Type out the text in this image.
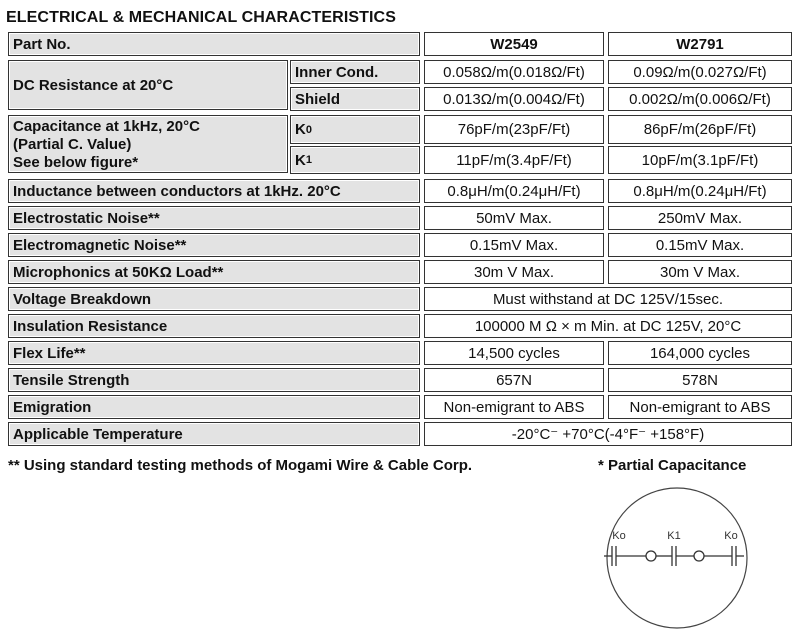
ELECTRICAL & MECHANICAL CHARACTERISTICS
Part No.	W2549	W2791
DC Resistance at 20°C
Inner Cond.	0.058Ω/m(0.018Ω/Ft)	0.09Ω/m(0.027Ω/Ft)
Shield	0.013Ω/m(0.004Ω/Ft)	0.002Ω/m(0.006Ω/Ft)
Capacitance at 1kHz, 20°C
(Partial C. Value)
See below figure*
K 0	76pF/m(23pF/Ft)	86pF/m(26pF/Ft)
K 1	11pF/m(3.4pF/Ft)	10pF/m(3.1pF/Ft)
Inductance between conductors at 1kHz. 20°C	0.8μH/m(0.24μH/Ft)	0.8μH/m(0.24μH/Ft)
Electrostatic Noise**	50mV Max.	250mV Max.
Electromagnetic Noise**	0.15mV Max.	0.15mV Max.
Microphonics at 50KΩ Load**	30m V Max.	30m V Max.
Voltage Breakdown	Must withstand at DC 125V/15sec.
Insulation Resistance	100000 M Ω × m Min. at DC 125V, 20°C
Flex Life**	14,500 cycles	164,000 cycles
Tensile Strength	657N	578N
Emigration	Non-emigrant to ABS	Non-emigrant to ABS
Applicable Temperature	-20°C⁻ +70°C(-4°F⁻ +158°F)
** Using standard testing methods of Mogami Wire & Cable Corp.	* Partial Capacitance
Ko	K1	Ko
